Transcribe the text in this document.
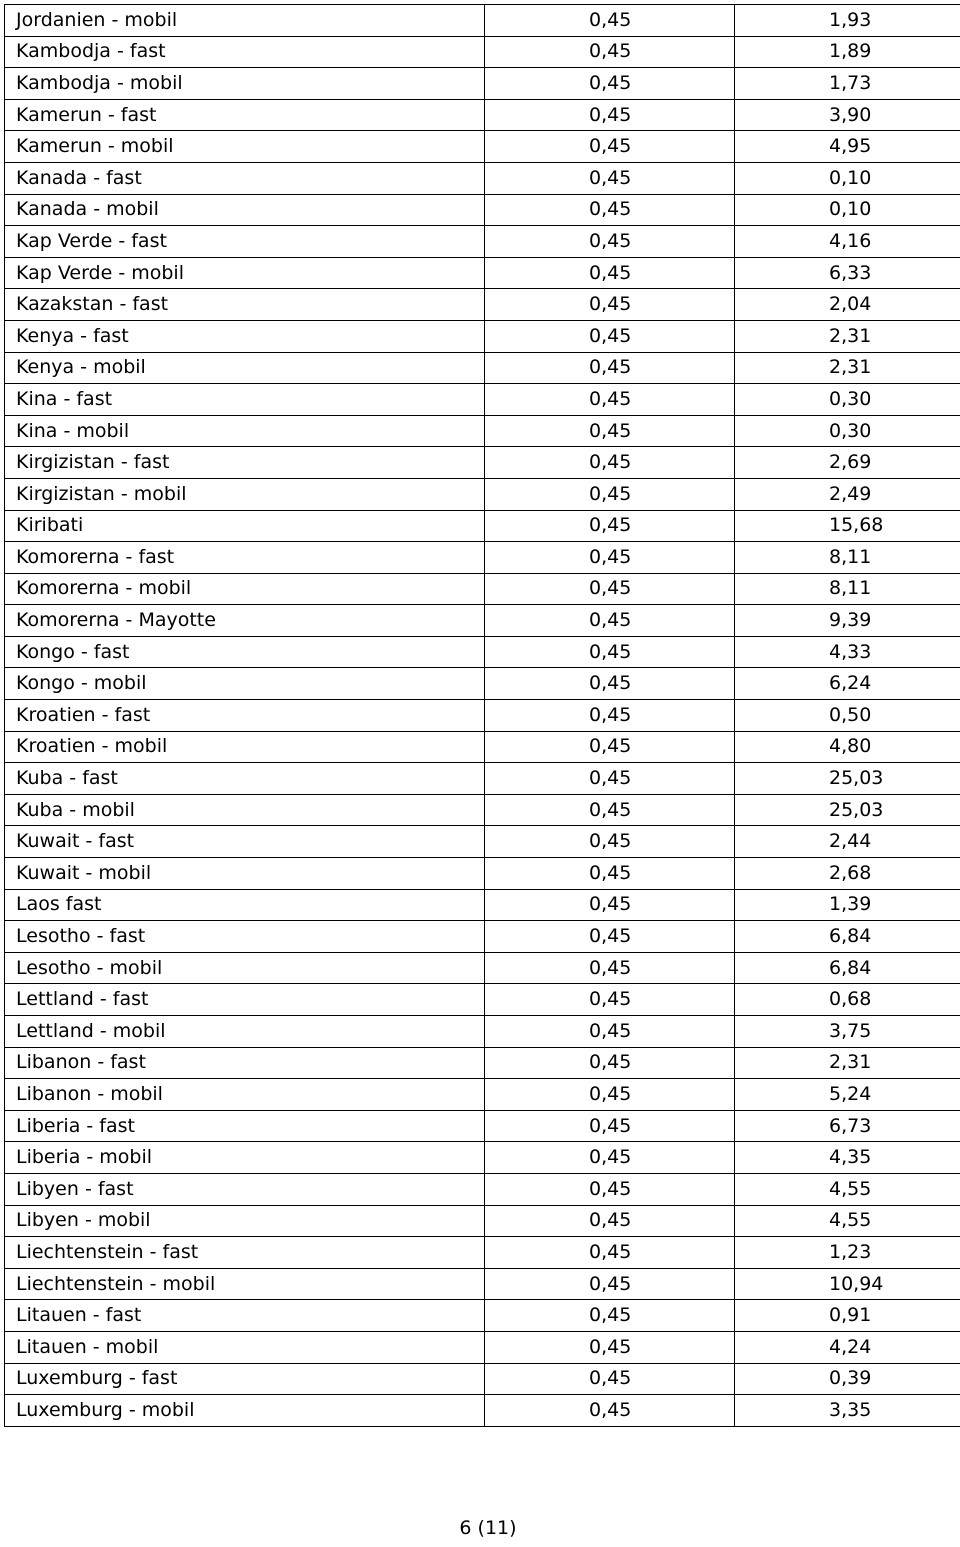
Jordanien - mobil	0,45	1,93
Kambodja - fast	0,45	1,89
Kambodja - mobil	0,45	1,73
Kamerun - fast	0,45	3,90
Kamerun - mobil	0,45	4,95
Kanada - fast	0,45	0,10
Kanada - mobil	0,45	0,10
Kap Verde - fast	0,45	4,16
Kap Verde - mobil	0,45	6,33
Kazakstan - fast	0,45	2,04
Kenya - fast	0,45	2,31
Kenya - mobil	0,45	2,31
Kina - fast	0,45	0,30
Kina - mobil	0,45	0,30
Kirgizistan - fast	0,45	2,69
Kirgizistan - mobil	0,45	2,49
Kiribati	0,45	15,68
Komorerna - fast	0,45	8,11
Komorerna - mobil	0,45	8,11
Komorerna - Mayotte	0,45	9,39
Kongo - fast	0,45	4,33
Kongo - mobil	0,45	6,24
Kroatien - fast	0,45	0,50
Kroatien - mobil	0,45	4,80
Kuba - fast	0,45	25,03
Kuba - mobil	0,45	25,03
Kuwait - fast	0,45	2,44
Kuwait - mobil	0,45	2,68
Laos fast	0,45	1,39
Lesotho - fast	0,45	6,84
Lesotho - mobil	0,45	6,84
Lettland - fast	0,45	0,68
Lettland - mobil	0,45	3,75
Libanon - fast	0,45	2,31
Libanon - mobil	0,45	5,24
Liberia - fast	0,45	6,73
Liberia - mobil	0,45	4,35
Libyen - fast	0,45	4,55
Libyen - mobil	0,45	4,55
Liechtenstein - fast	0,45	1,23
Liechtenstein - mobil	0,45	10,94
Litauen - fast	0,45	0,91
Litauen - mobil	0,45	4,24
Luxemburg - fast	0,45	0,39
Luxemburg - mobil	0,45	3,35
6 (11)
